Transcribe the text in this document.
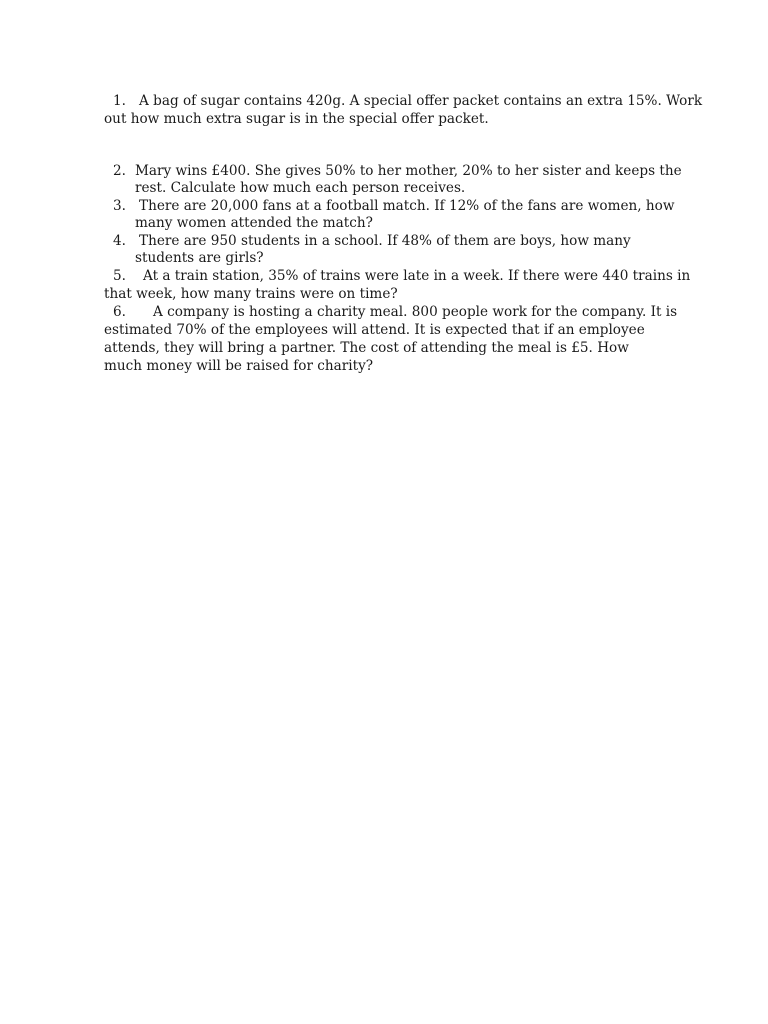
1. A bag of sugar contains 420g. A special offer packet contains an extra 15%. Work
out how much extra sugar is in the special offer packet.
2. Mary wins £400. She gives 50% to her mother, 20% to her sister and keeps the
rest. Calculate how much each person receives.
3. There are 20,000 fans at a football match. If 12% of the fans are women, how
many women attended the match?
4. There are 950 students in a school. If 48% of them are boys, how many
students are girls?
5. At a train station, 35% of trains were late in a week. If there were 440 trains in
that week, how many trains were on time?
6. A company is hosting a charity meal. 800 people work for the company. It is
estimated 70% of the employees will attend. It is expected that if an employee
attends, they will bring a partner. The cost of attending the meal is £5. How
much money will be raised for charity?
